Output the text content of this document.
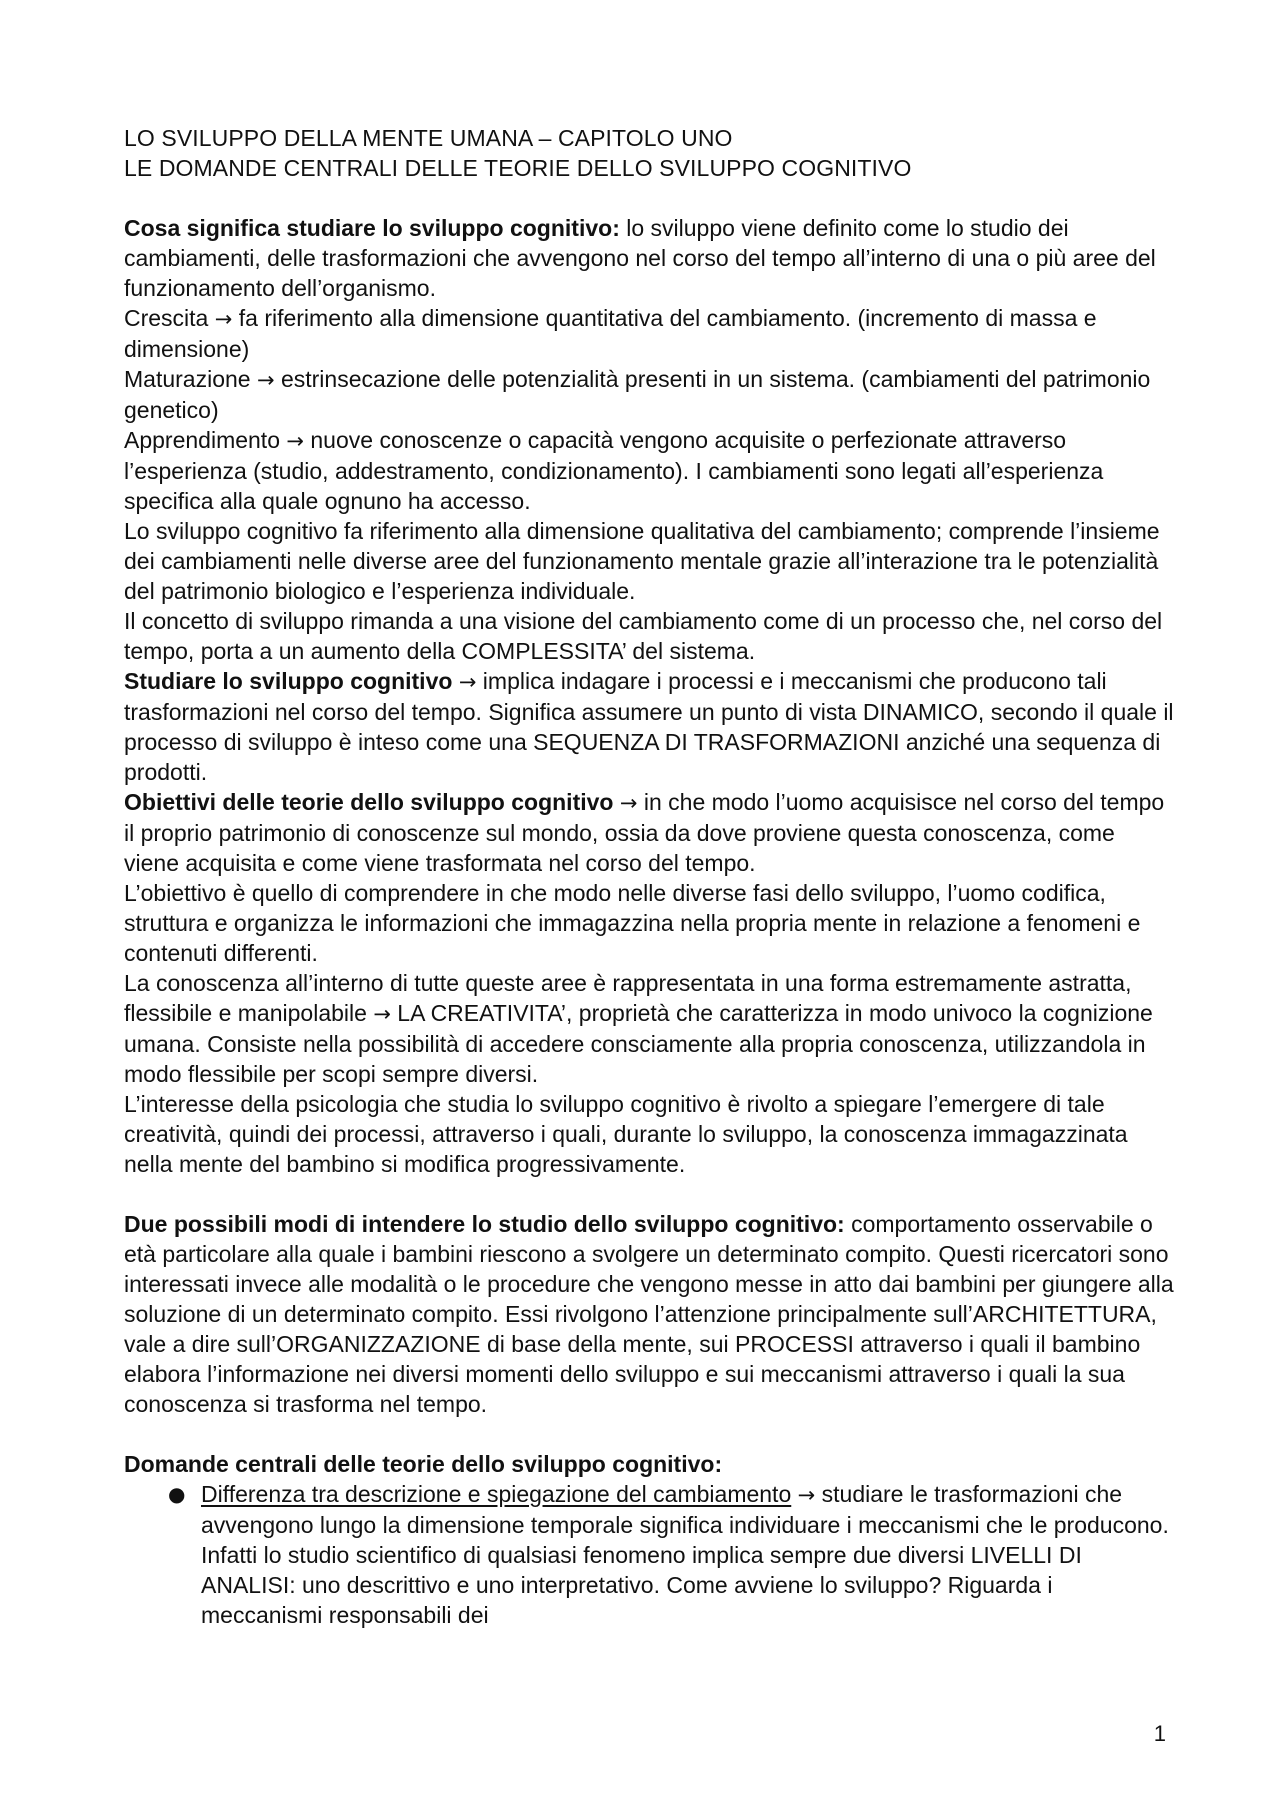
LO SVILUPPO DELLA MENTE UMANA – CAPITOLO UNO

LE DOMANDE CENTRALI DELLE TEORIE DELLO SVILUPPO COGNITIVO

Cosa significa studiare lo sviluppo cognitivo: lo sviluppo viene definito come lo studio dei cambiamenti, delle trasformazioni che avvengono nel corso del tempo all’interno di una o più aree del funzionamento dell’organismo.

Crescita → fa riferimento alla dimensione quantitativa del cambiamento. (incremento di massa e dimensione)

Maturazione → estrinsecazione delle potenzialità presenti in un sistema. (cambiamenti del patrimonio genetico)

Apprendimento → nuove conoscenze o capacità vengono acquisite o perfezionate attraverso l’esperienza (studio, addestramento, condizionamento). I cambiamenti sono legati all’esperienza specifica alla quale ognuno ha accesso.

Lo sviluppo cognitivo fa riferimento alla dimensione qualitativa del cambiamento; comprende l’insieme dei cambiamenti nelle diverse aree del funzionamento mentale grazie all’interazione tra le potenzialità del patrimonio biologico e l’esperienza individuale.

Il concetto di sviluppo rimanda a una visione del cambiamento come di un processo che, nel corso del tempo, porta a un aumento della COMPLESSITA’ del sistema.

Studiare lo sviluppo cognitivo → implica indagare i processi e i meccanismi che producono tali trasformazioni nel corso del tempo. Significa assumere un punto di vista DINAMICO, secondo il quale il processo di sviluppo è inteso come una SEQUENZA DI TRASFORMAZIONI anziché una sequenza di prodotti.

Obiettivi delle teorie dello sviluppo cognitivo → in che modo l’uomo acquisisce nel corso del tempo il proprio patrimonio di conoscenze sul mondo, ossia da dove proviene questa conoscenza, come viene acquisita e come viene trasformata nel corso del tempo.

L’obiettivo è quello di comprendere in che modo nelle diverse fasi dello sviluppo, l’uomo codifica, struttura e organizza le informazioni che immagazzina nella propria mente in relazione a fenomeni e contenuti differenti.

La conoscenza all’interno di tutte queste aree è rappresentata in una forma estremamente astratta, flessibile e manipolabile → LA CREATIVITA’, proprietà che caratterizza in modo univoco la cognizione umana. Consiste nella possibilità di accedere consciamente alla propria conoscenza, utilizzandola in modo flessibile per scopi sempre diversi.

L’interesse della psicologia che studia lo sviluppo cognitivo è rivolto a spiegare l’emergere di tale creatività, quindi dei processi, attraverso i quali, durante lo sviluppo, la conoscenza immagazzinata nella mente del bambino si modifica progressivamente.

Due possibili modi di intendere lo studio dello sviluppo cognitivo: comportamento osservabile o età particolare alla quale i bambini riescono a svolgere un determinato compito. Questi ricercatori sono interessati invece alle modalità o le procedure che vengono messe in atto dai bambini per giungere alla soluzione di un determinato compito. Essi rivolgono l’attenzione principalmente sull’ARCHITETTURA, vale a dire sull’ORGANIZZAZIONE di base della mente, sui PROCESSI attraverso i quali il bambino elabora l’informazione nei diversi momenti dello sviluppo e sui meccanismi attraverso i quali la sua conoscenza si trasforma nel tempo.

Domande centrali delle teorie dello sviluppo cognitivo:

● Differenza tra descrizione e spiegazione del cambiamento → studiare le trasformazioni che avvengono lungo la dimensione temporale significa individuare i meccanismi che le producono. Infatti lo studio scientifico di qualsiasi fenomeno implica sempre due diversi LIVELLI DI ANALISI: uno descrittivo e uno interpretativo. Come avviene lo sviluppo? Riguarda i meccanismi responsabili dei
1
